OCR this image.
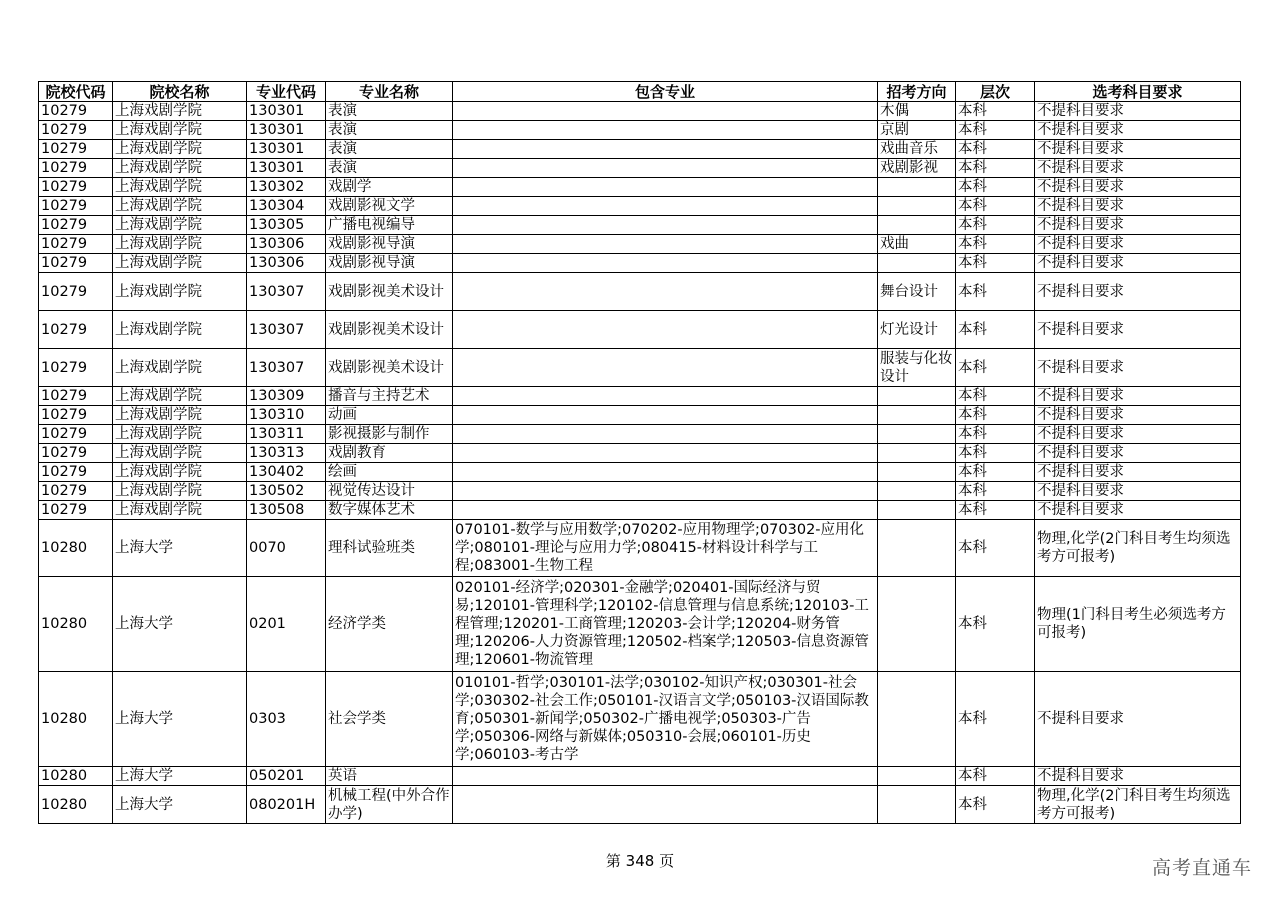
院校代码	院校名称	专业代码	专业名称	包含专业	招考方向	层次	选考科目要求
10279	上海戏剧学院	130301	表演		木偶	本科	不提科目要求
10279	上海戏剧学院	130301	表演		京剧	本科	不提科目要求
10279	上海戏剧学院	130301	表演		戏曲音乐	本科	不提科目要求
10279	上海戏剧学院	130301	表演		戏剧影视	本科	不提科目要求
10279	上海戏剧学院	130302	戏剧学			本科	不提科目要求
10279	上海戏剧学院	130304	戏剧影视文学			本科	不提科目要求
10279	上海戏剧学院	130305	广播电视编导			本科	不提科目要求
10279	上海戏剧学院	130306	戏剧影视导演		戏曲	本科	不提科目要求
10279	上海戏剧学院	130306	戏剧影视导演			本科	不提科目要求
10279	上海戏剧学院	130307	戏剧影视美术设计		舞台设计	本科	不提科目要求
10279	上海戏剧学院	130307	戏剧影视美术设计		灯光设计	本科	不提科目要求
10279	上海戏剧学院	130307	戏剧影视美术设计		服装与化妆设计	本科	不提科目要求
10279	上海戏剧学院	130309	播音与主持艺术			本科	不提科目要求
10279	上海戏剧学院	130310	动画			本科	不提科目要求
10279	上海戏剧学院	130311	影视摄影与制作			本科	不提科目要求
10279	上海戏剧学院	130313	戏剧教育			本科	不提科目要求
10279	上海戏剧学院	130402	绘画			本科	不提科目要求
10279	上海戏剧学院	130502	视觉传达设计			本科	不提科目要求
10279	上海戏剧学院	130508	数字媒体艺术			本科	不提科目要求
10280	上海大学	0070	理科试验班类	070101-数学与应用数学;070202-应用物理学;070302-应用化学;080101-理论与应用力学;080415-材料设计科学与工程;083001-生物工程		本科	物理,化学(2门科目考生均须选考方可报考)
10280	上海大学	0201	经济学类	020101-经济学;020301-金融学;020401-国际经济与贸易;120101-管理科学;120102-信息管理与信息系统;120103-工程管理;120201-工商管理;120203-会计学;120204-财务管理;120206-人力资源管理;120502-档案学;120503-信息资源管理;120601-物流管理		本科	物理(1门科目考生必须选考方可报考)
10280	上海大学	0303	社会学类	010101-哲学;030101-法学;030102-知识产权;030301-社会学;030302-社会工作;050101-汉语言文学;050103-汉语国际教育;050301-新闻学;050302-广播电视学;050303-广告学;050306-网络与新媒体;050310-会展;060101-历史学;060103-考古学		本科	不提科目要求
10280	上海大学	050201	英语			本科	不提科目要求
10280	上海大学	080201H	机械工程(中外合作办学)			本科	物理,化学(2门科目考生均须选考方可报考)
第 348 页	高考直通车
